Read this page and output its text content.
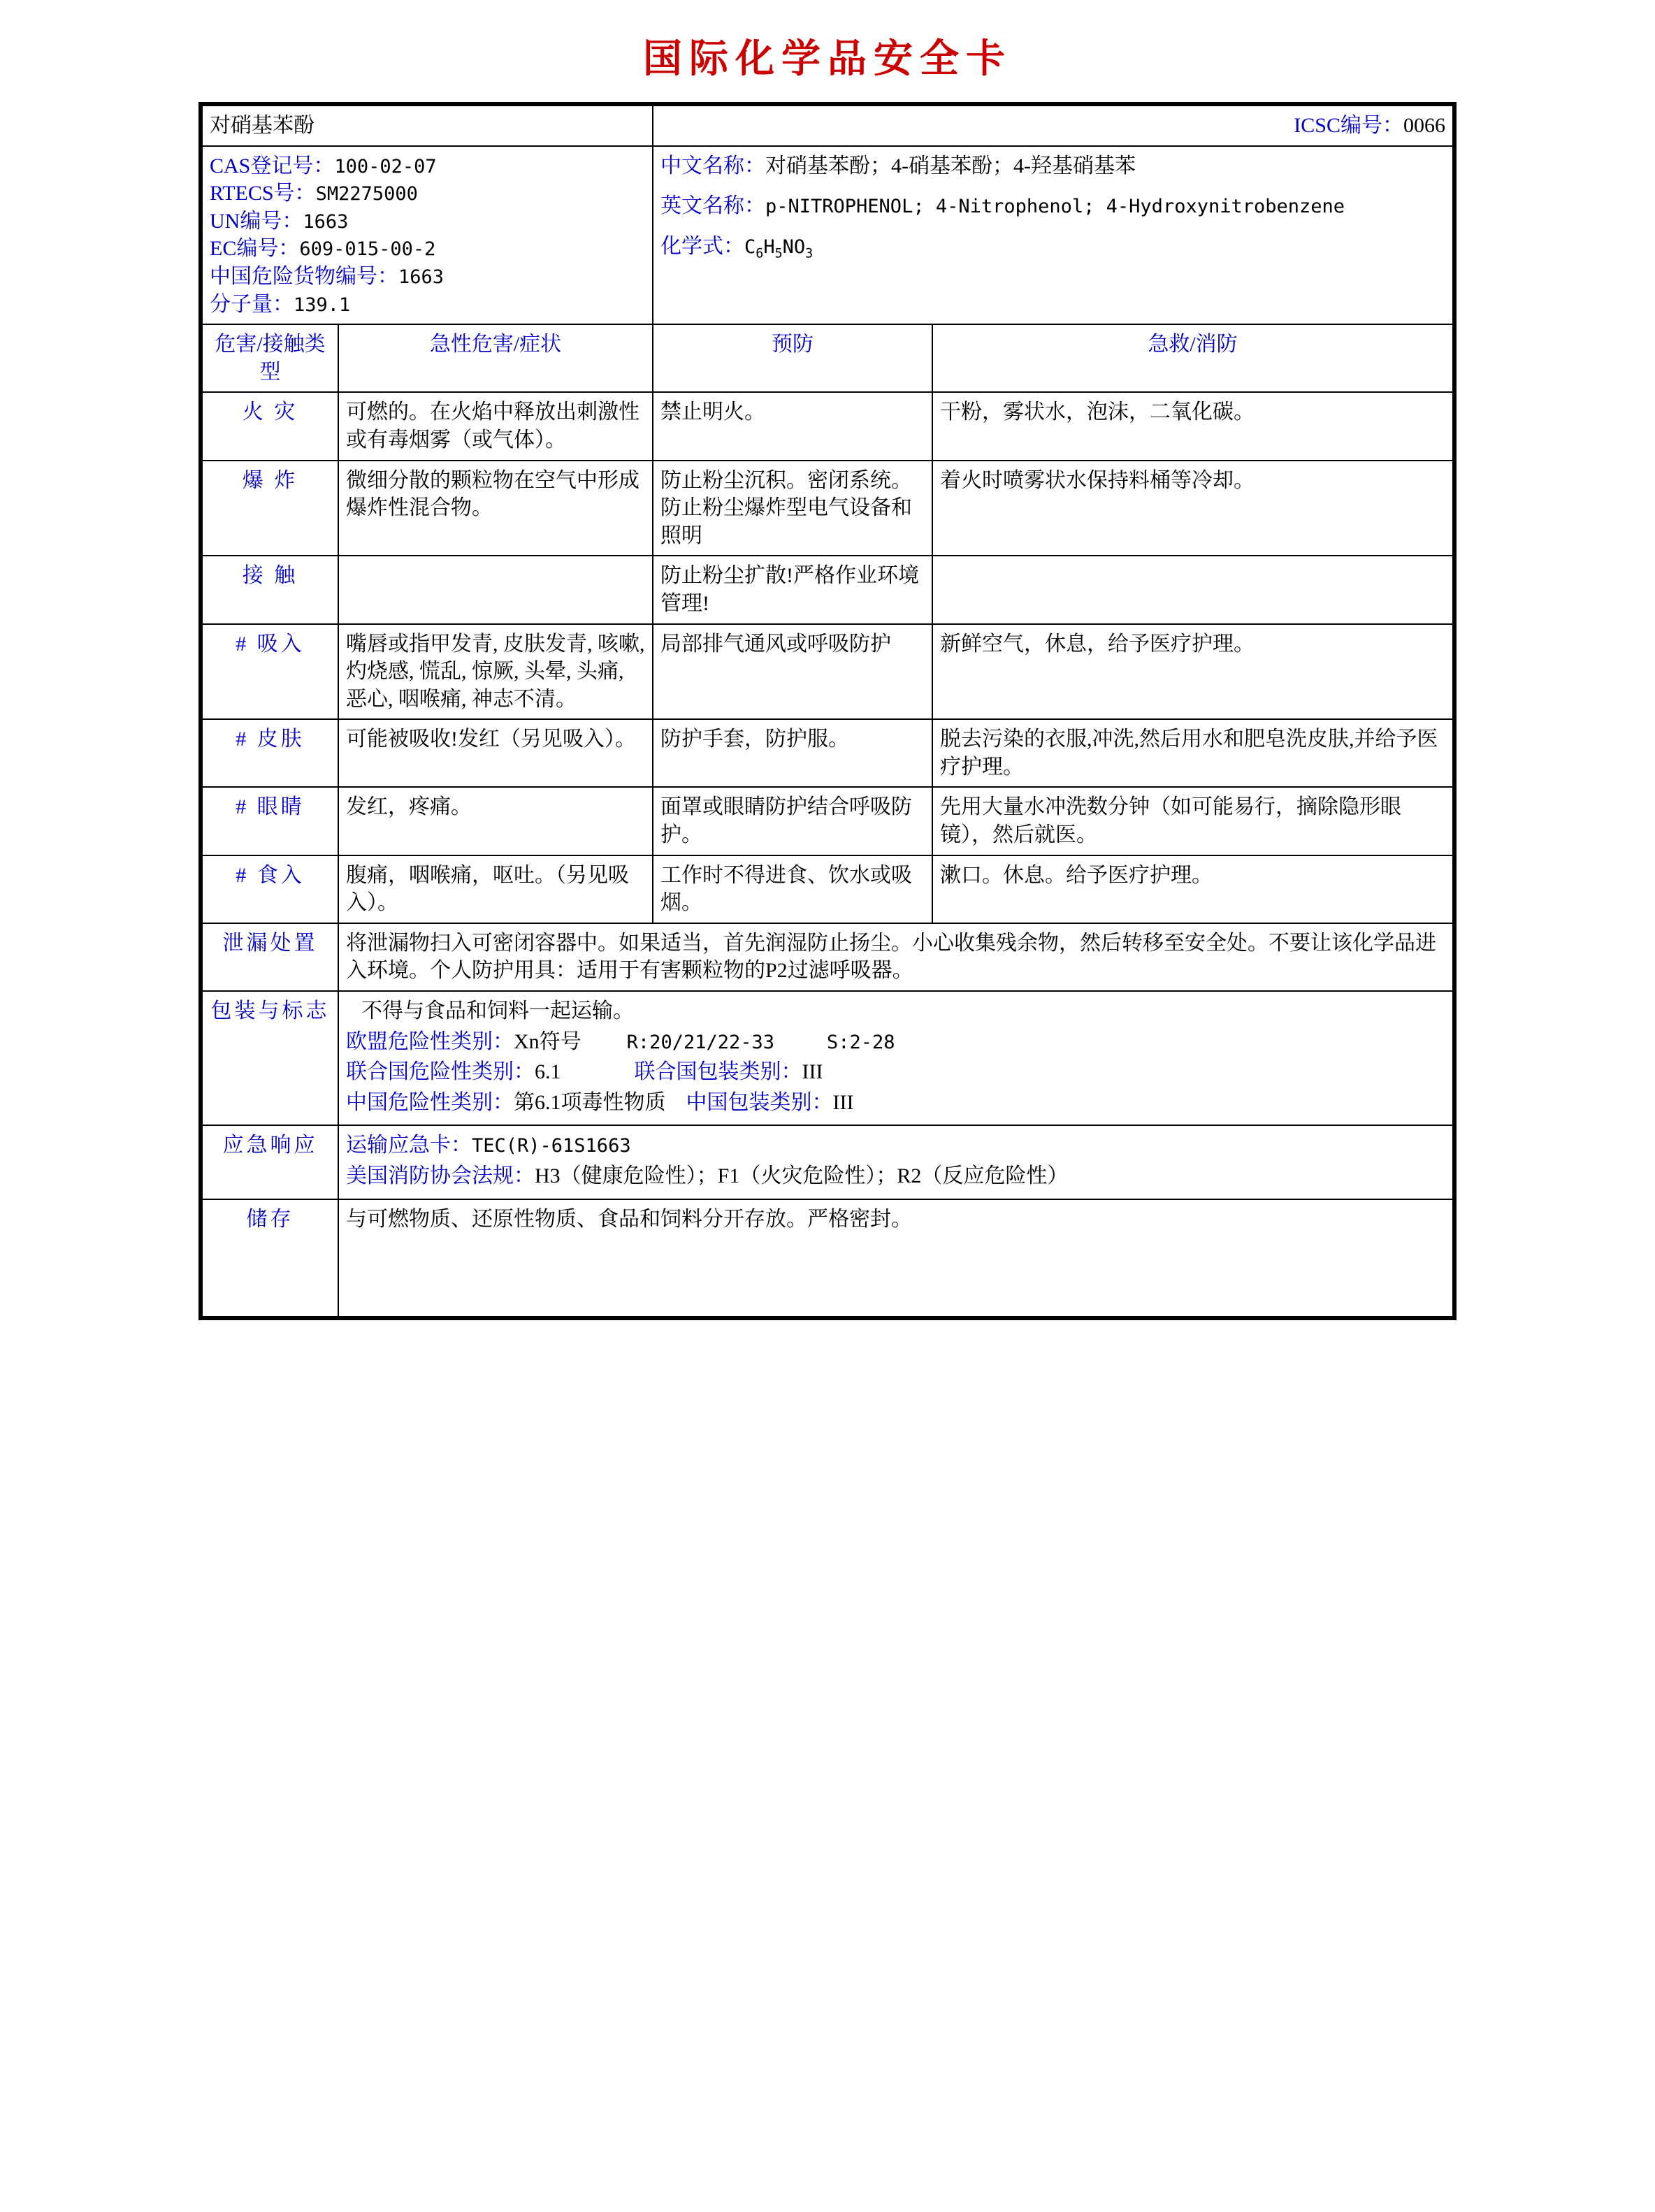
国际化学品安全卡
对硝基苯酚		ICSC编号：0066	

CAS登记号：100-02-07
RTECS号：SM2275000
UN编号：1663
EC编号：609-015-00-2
中国危险货物编号：1663
分子量：139.1

中文名称：对硝基苯酚；4-硝基苯酚；4-羟基硝基苯
英文名称：p-NITROPHENOL; 4-Nitrophenol; 4-Hydroxynitrobenzene
化学式：$C_6H_5NO_3$

危害/接触类型	急性危害/症状	预防	急救/消防
火 灾	可燃的。在火焰中释放出刺激性或有毒烟雾（或气体）。	禁止明火。	干粉，雾状水，泡沫，二氧化碳。
爆 炸	微细分散的颗粒物在空气中形成爆炸性混合物。	防止粉尘沉积。密闭系统。防止粉尘爆炸型电气设备和照明	着火时喷雾状水保持料桶等冷却。
接 触		防止粉尘扩散!严格作业环境管理!	
# 吸入	嘴唇或指甲发青, 皮肤发青, 咳嗽, 灼烧感, 慌乱, 惊厥, 头晕, 头痛, 恶心, 咽喉痛, 神志不清。	局部排气通风或呼吸防护	新鲜空气，休息，给予医疗护理。
# 皮肤	可能被吸收!发红（另见吸入）。	防护手套，防护服。	脱去污染的衣服,冲洗,然后用水和肥皂洗皮肤,并给予医疗护理。
# 眼睛	发红，疼痛。	面罩或眼睛防护结合呼吸防护。	先用大量水冲洗数分钟（如可能易行，摘除隐形眼镜），然后就医。
# 食入	腹痛，咽喉痛，呕吐。（另见吸入）。	工作时不得进食、饮水或吸烟。	漱口。休息。给予医疗护理。
泄漏处置	将泄漏物扫入可密闭容器中。如果适当，首先润湿防止扬尘。小心收集残余物，然后转移至安全处。不要让该化学品进入环境。个人防护用具：适用于有害颗粒物的P2过滤呼吸器。		
包装与标志	不得与食品和饲料一起运输。
欧盟危险性类别：Xn符号 R:20/21/22-33 S:2-28
联合国危险性类别：6.1 联合国包装类别：III
中国危险性类别：第6.1项毒性物质 中国包装类别：III		

应急响应	运输应急卡：TEC(R)-61S1663
美国消防协会法规：H3（健康危险性）；F1（火灾危险性）；R2（反应危险性）		

储存	与可燃物质、还原性物质、食品和饲料分开存放。严格密封。		
